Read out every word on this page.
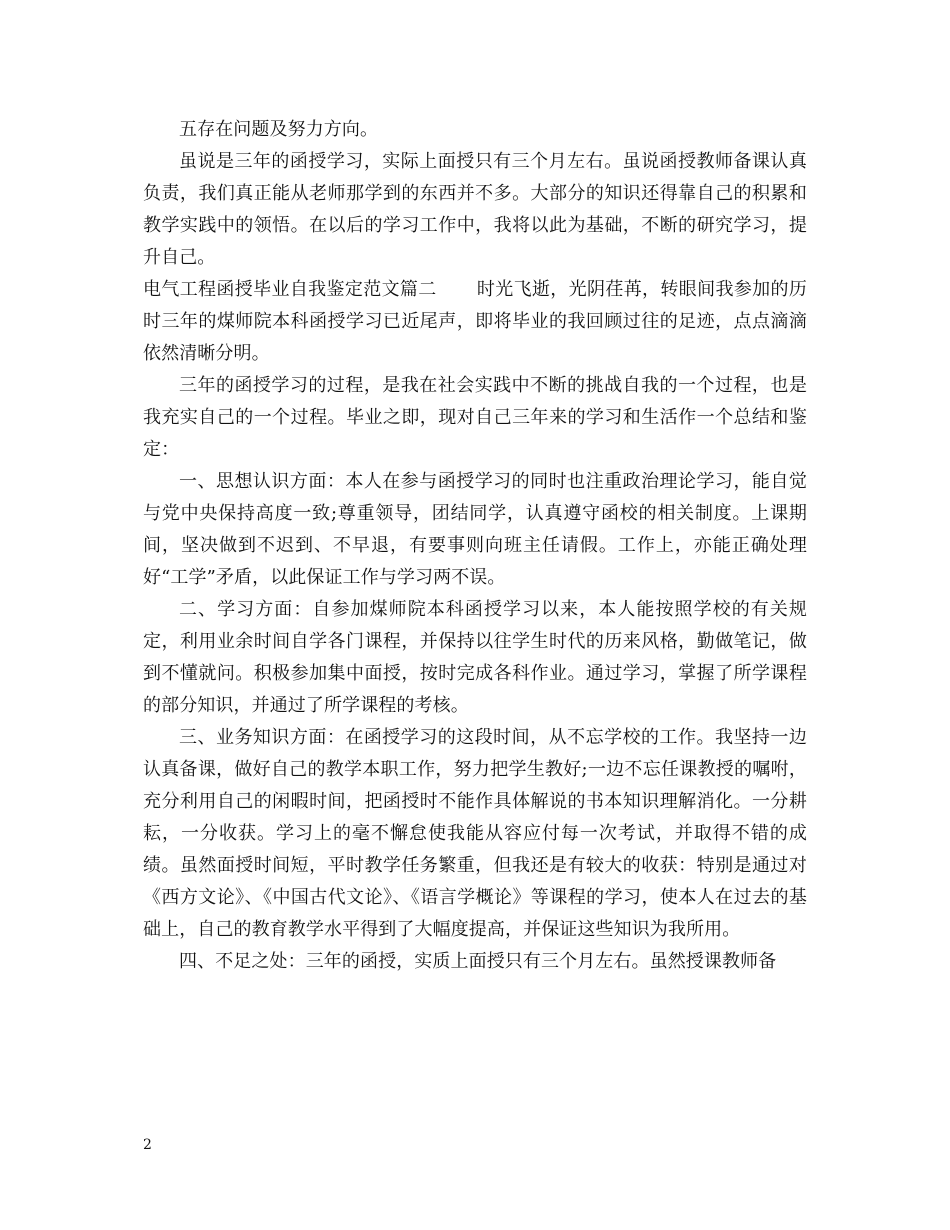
五存在问题及努力方向。

虽说是三年的函授学习，实际上面授只有三个月左右。虽说函授教师备课认真负责，我们真正能从老师那学到的东西并不多。大部分的知识还得靠自己的积累和教学实践中的领悟。在以后的学习工作中，我将以此为基础，不断的研究学习，提升自己。

电气工程函授毕业自我鉴定范文篇二 时光飞逝，光阴荏苒，转眼间我参加的历时三年的煤师院本科函授学习已近尾声，即将毕业的我回顾过往的足迹，点点滴滴依然清晰分明。

三年的函授学习的过程，是我在社会实践中不断的挑战自我的一个过程，也是我充实自己的一个过程。毕业之即，现对自己三年来的学习和生活作一个总结和鉴定：

一、思想认识方面：本人在参与函授学习的同时也注重政治理论学习，能自觉与党中央保持高度一致;尊重领导，团结同学，认真遵守函校的相关制度。上课期间，坚决做到不迟到、不早退，有要事则向班主任请假。工作上，亦能正确处理好“工学”矛盾，以此保证工作与学习两不误。

二、学习方面：自参加煤师院本科函授学习以来，本人能按照学校的有关规定，利用业余时间自学各门课程，并保持以往学生时代的历来风格，勤做笔记，做到不懂就问。积极参加集中面授，按时完成各科作业。通过学习，掌握了所学课程的部分知识，并通过了所学课程的考核。

三、业务知识方面：在函授学习的这段时间，从不忘学校的工作。我坚持一边认真备课，做好自己的教学本职工作，努力把学生教好;一边不忘任课教授的嘱咐，充分利用自己的闲暇时间，把函授时不能作具体解说的书本知识理解消化。一分耕耘，一分收获。学习上的毫不懈怠使我能从容应付每一次考试，并取得不错的成绩。虽然面授时间短，平时教学任务繁重，但我还是有较大的收获：特别是通过对《西方文论》、《中国古代文论》、《语言学概论》等课程的学习，使本人在过去的基础上，自己的教育教学水平得到了大幅度提高，并保证这些知识为我所用。

四、不足之处：三年的函授，实质上面授只有三个月左右。虽然授课教师备

2
